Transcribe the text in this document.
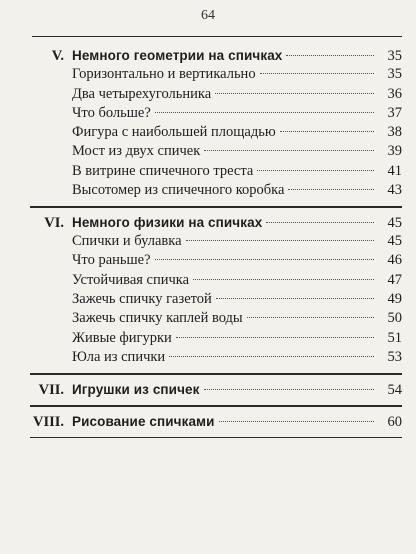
64
V. Немного геометрии на спичках	35
Горизонтально и вертикально	35
Два четырехугольника	36
Что больше?	37
Фигура с наибольшей площадью	38
Мост из двух спичек	39
В витрине спичечного треста	41
Высотомер из спичечного коробка	43
VI. Немного физики на спичках	45
Спички и булавка	45
Что раньше?	46
Устойчивая спичка	47
Зажечь спичку газетой	49
Зажечь спичку каплей воды	50
Живые фигурки	51
Юла из спички	53
VII. Игрушки из спичек	54
VIII. Рисование спичками	60
